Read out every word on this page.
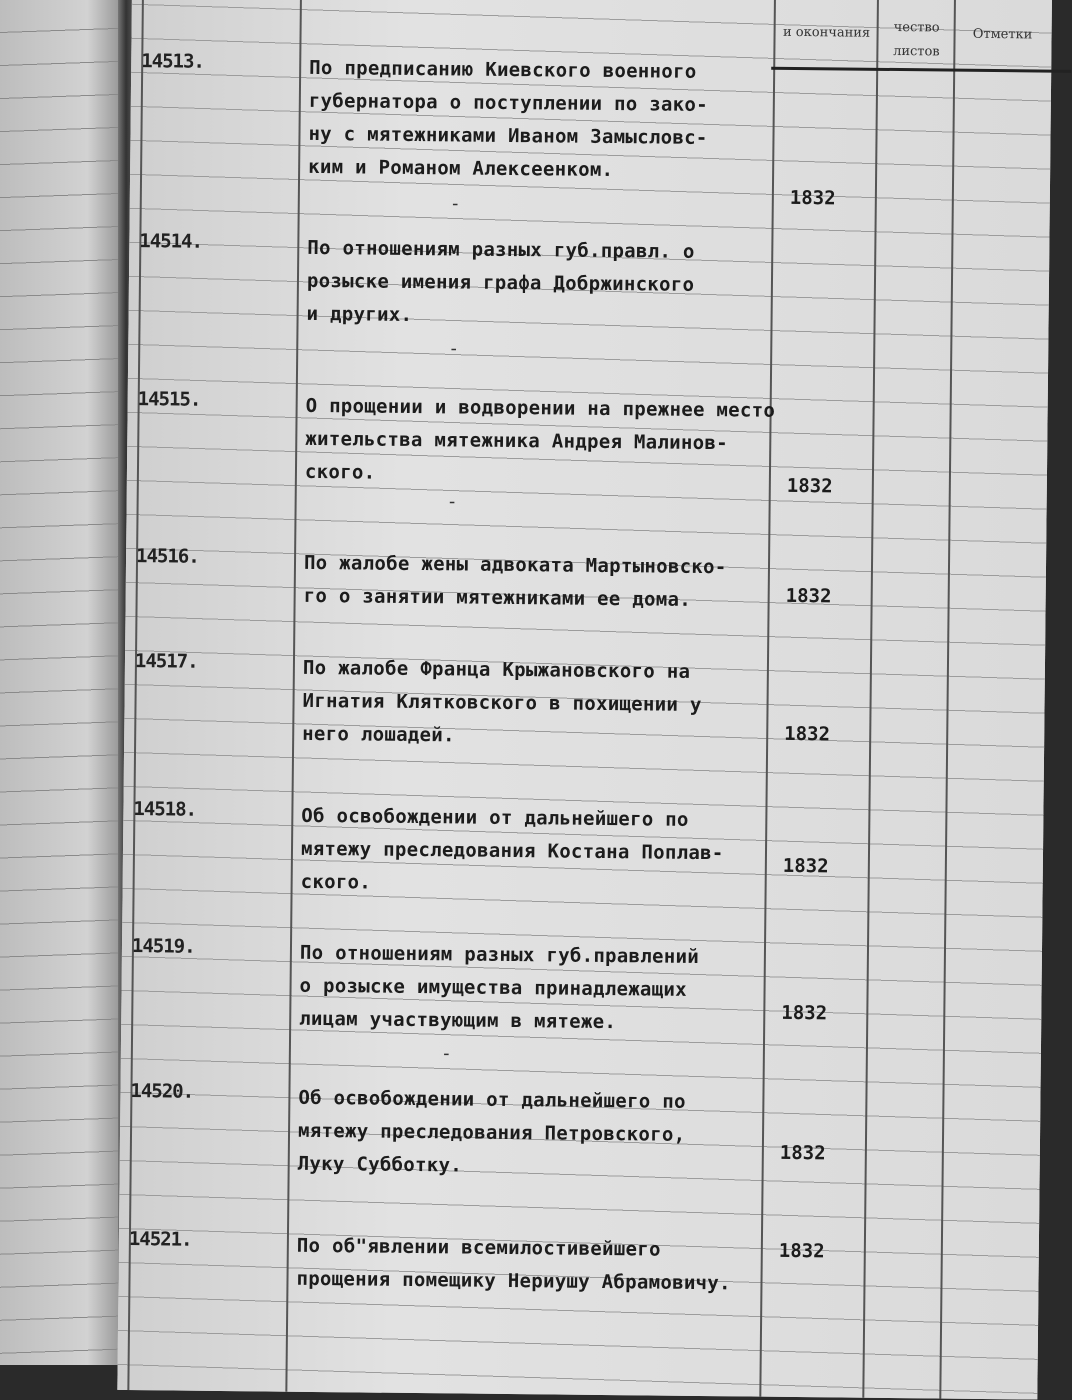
и окончания	чество листов
Отметки
14513.	По предписанию Киевского военного
губернатора о поступлении по зако-
ну с мятежниками Иваном Замысловс-
ким и Романом Алексеенком.
1832
-
14514.	По отношениям разных губ.правл. о
розыске имения графа Добржинского
и других.
-
14515.	О прощении и водворении на прежнее место
жительства мятежника Андрея Малинов-
ского.
1832
-
14516.	По жалобе жены адвоката Мартыновско-
го о занятии мятежниками ее дома.	1832
14517.	По жалобе Франца Крыжановского на
Игнатия Клятковского в похищении у
него лошадей.	1832
14518.	Об освобождении от дальнейшего по
мятежу преследования Костана Поплав-
ского.
1832
14519.	По отношениям разных губ.правлений
о розыске имущества принадлежащих
лицам участвующим в мятеже.	1832
-
14520.	Об освобождении от дальнейшего по
мятежу преследования Петровского,
Луку Субботку.	1832
14521.	По об"явлении всемилостивейшего
прощения помещику Нериушу Абрамовичу.
1832
